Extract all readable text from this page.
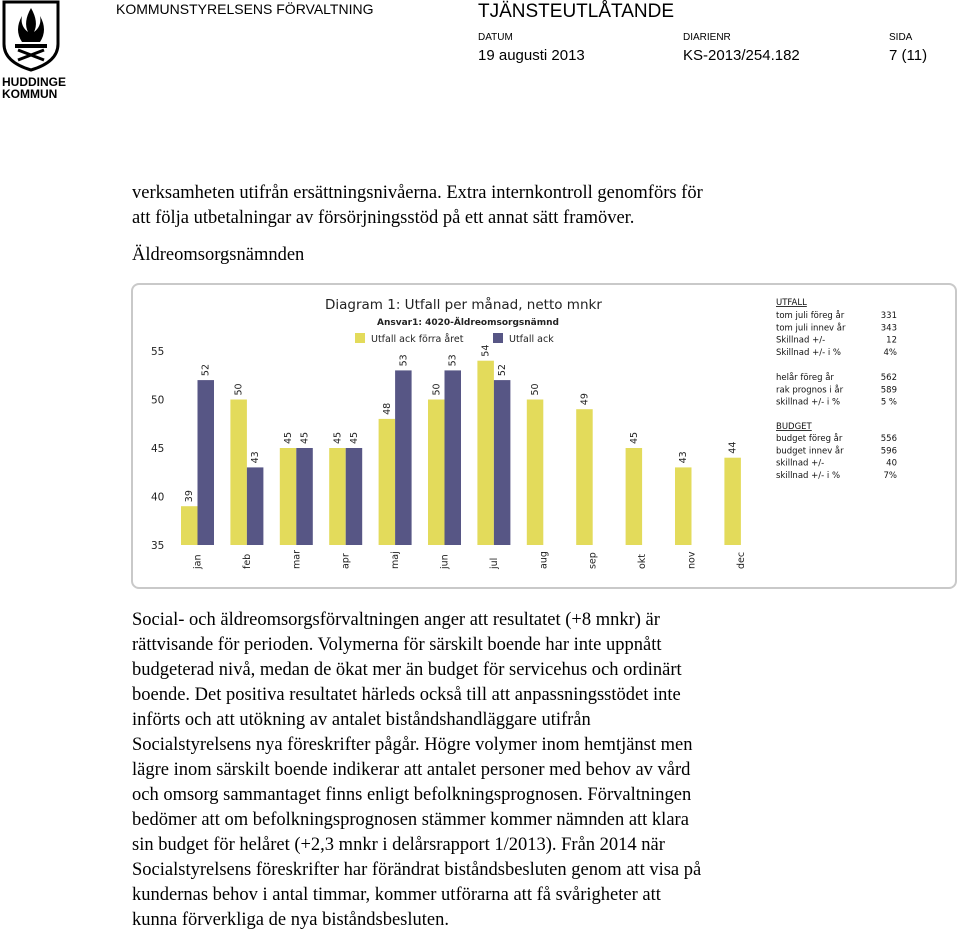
HUDDINGE
KOMMUN
KOMMUNSTYRELSENS FÖRVALTNING	TJÄNSTEUTLÅTANDE
DATUM
19 augusti 2013
DIARIENR
KS-2013/254.182
SIDA
7 (11)
verksamheten utifrån ersättningsnivåerna. Extra internkontroll genomförs för
att följa utbetalningar av försörjningsstöd på ett annat sätt framöver.
Äldreomsorgsnämnden
Diagram 1: Utfall per månad, netto mnkr
Ansvar1: 4020-Äldreomsorgsnämnd
Utfall ack förra året	Utfall ack
35
40
45
50
55
39
52
50
43
45 45 45 45
48
53
50
53
54
52
50
49
45
43
44
jan	feb	mar	apr	maj	jun	jul	aug	sep	okt	nov	dec
UTFALL
tom juli föreg år	331
tom juli innev år	343
Skillnad +/-	12
Skillnad +/- i %	4%
helår föreg år	562
rak prognos i år	589
skillnad +/- i %	5 %
BUDGET
budget föreg år	556
budget innev år	596
skillnad +/-	40
skillnad +/- i %	7%
Social- och äldreomsorgsförvaltningen anger att resultatet (+8 mnkr) är
rättvisande för perioden. Volymerna för särskilt boende har inte uppnått
budgeterad nivå, medan de ökat mer än budget för servicehus och ordinärt
boende. Det positiva resultatet härleds också till att anpassningsstödet inte
införts och att utökning av antalet biståndshandläggare utifrån
Socialstyrelsens nya föreskrifter pågår. Högre volymer inom hemtjänst men
lägre inom särskilt boende indikerar att antalet personer med behov av vård
och omsorg sammantaget finns enligt befolkningsprognosen. Förvaltningen
bedömer att om befolkningsprognosen stämmer kommer nämnden att klara
sin budget för helåret (+2,3 mnkr i delårsrapport 1/2013). Från 2014 när
Socialstyrelsens föreskrifter har förändrat biståndsbesluten genom att visa på
kundernas behov i antal timmar, kommer utförarna att få svårigheter att
kunna förverkliga de nya biståndsbesluten.
